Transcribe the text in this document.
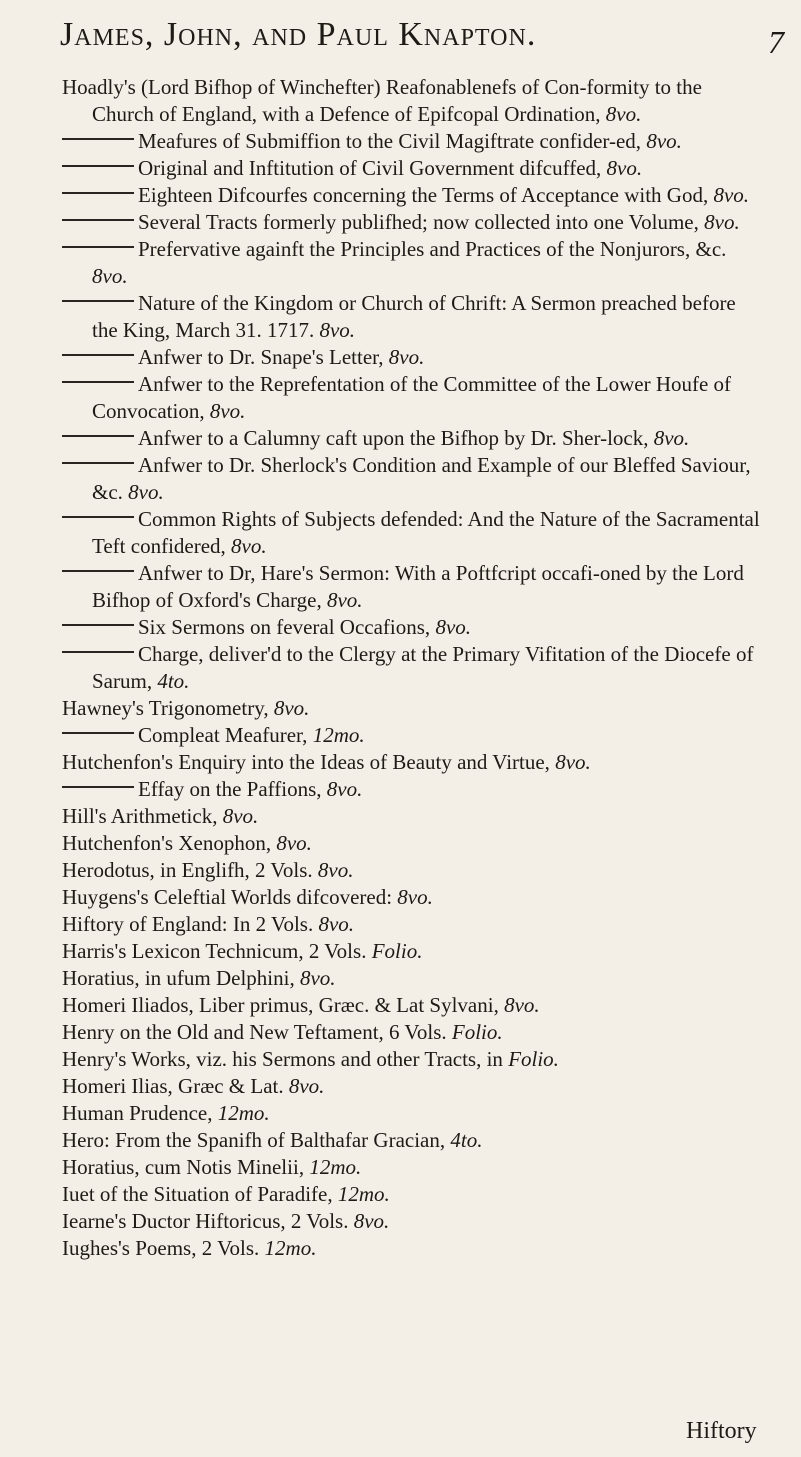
James, John, and Paul Knapton.	7

Hoadly's (Lord Bifhop of Winchefter) Reafonablenefs of Con-formity to the Church of England, with a Defence of Epifcopal Ordination, 8vo.

Meafures of Submiffion to the Civil Magiftrate confider-ed, 8vo.

Original and Inftitution of Civil Government difcuffed, 8vo.

Eighteen Difcourfes concerning the Terms of Acceptance with God, 8vo.

Several Tracts formerly publifhed; now collected into one Volume, 8vo.

Prefervative againft the Principles and Practices of the Nonjurors, &c. 8vo.

Nature of the Kingdom or Church of Chrift: A Sermon preached before the King, March 31. 1717. 8vo.

Anfwer to Dr. Snape's Letter, 8vo.

Anfwer to the Reprefentation of the Committee of the Lower Houfe of Convocation, 8vo.

Anfwer to a Calumny caft upon the Bifhop by Dr. Sher-lock, 8vo.

Anfwer to Dr. Sherlock's Condition and Example of our Bleffed Saviour, &c. 8vo.

Common Rights of Subjects defended: And the Nature of the Sacramental Teft confidered, 8vo.

Anfwer to Dr, Hare's Sermon: With a Poftfcript occafi-oned by the Lord Bifhop of Oxford's Charge, 8vo.

Six Sermons on feveral Occafions, 8vo.

Charge, deliver'd to the Clergy at the Primary Vifitation of the Diocefe of Sarum, 4to.

Hawney's Trigonometry, 8vo.

Compleat Meafurer, 12mo.

Hutchenfon's Enquiry into the Ideas of Beauty and Virtue, 8vo.

Effay on the Paffions, 8vo.

Hill's Arithmetick, 8vo.

Hutchenfon's Xenophon, 8vo.

Herodotus, in Englifh, 2 Vols. 8vo.

Huygens's Celeftial Worlds difcovered: 8vo.

Hiftory of England: In 2 Vols. 8vo.

Harris's Lexicon Technicum, 2 Vols. Folio.

Horatius, in ufum Delphini, 8vo.

Homeri Iliados, Liber primus, Græc. & Lat Sylvani, 8vo.

Henry on the Old and New Teftament, 6 Vols. Folio.

Henry's Works, viz. his Sermons and other Tracts, in Folio.

Homeri Ilias, Græc & Lat. 8vo.

Human Prudence, 12mo.

Hero: From the Spanifh of Balthafar Gracian, 4to.

Horatius, cum Notis Minelii, 12mo.

Iuet of the Situation of Paradife, 12mo.

Iearne's Ductor Hiftoricus, 2 Vols. 8vo.

Iughes's Poems, 2 Vols. 12mo.

Hiftory
